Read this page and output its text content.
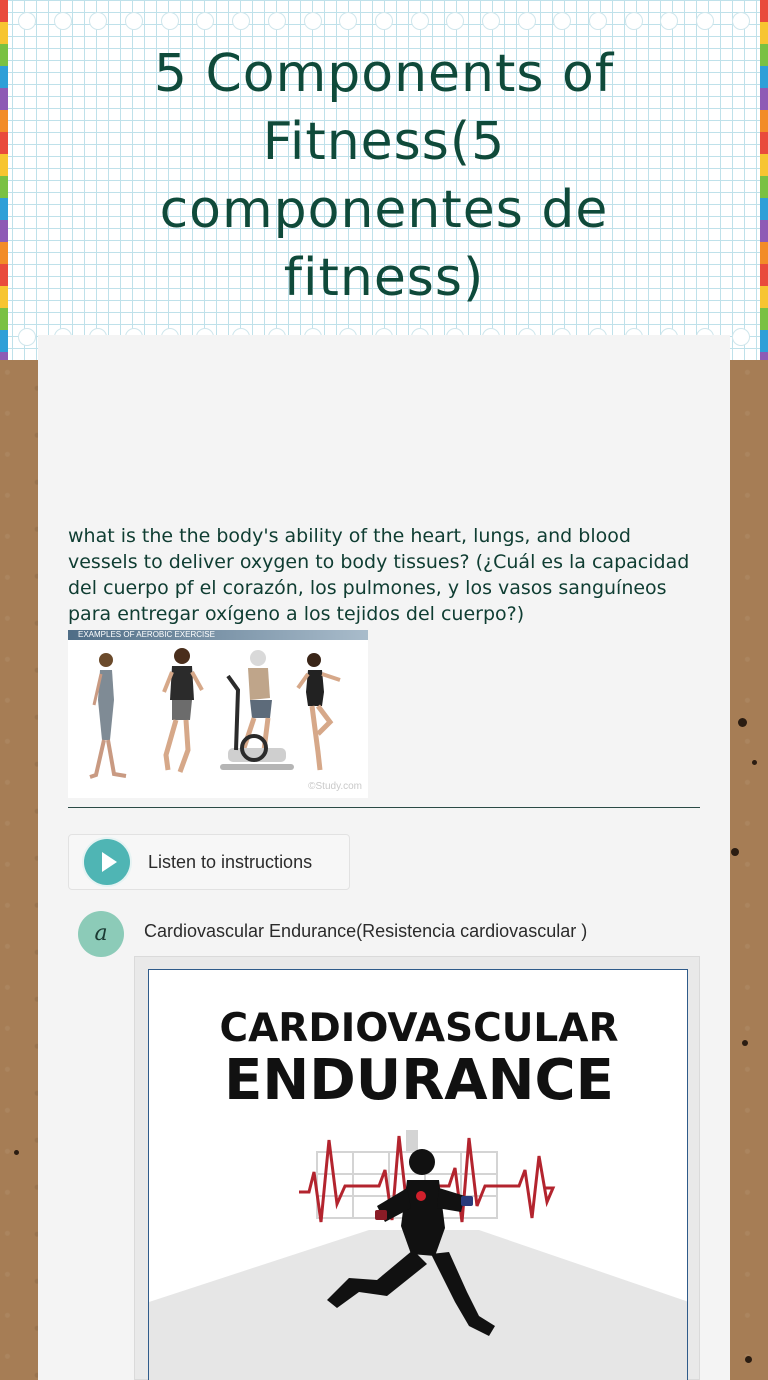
5 Components of Fitness(5 componentes de fitness)

what is the the body's ability of the heart, lungs, and blood vessels to deliver oxygen to body tissues? (¿Cuál es la capacidad del cuerpo pf el corazón, los pulmones, y los vasos sanguíneos para entregar oxígeno a los tejidos del cuerpo?)

EXAMPLES OF AEROBIC EXERCISE
©Study.com
Listen to instructions
a	Cardiovascular Endurance(Resistencia cardiovascular )
CARDIOVASCULAR
ENDURANCE
